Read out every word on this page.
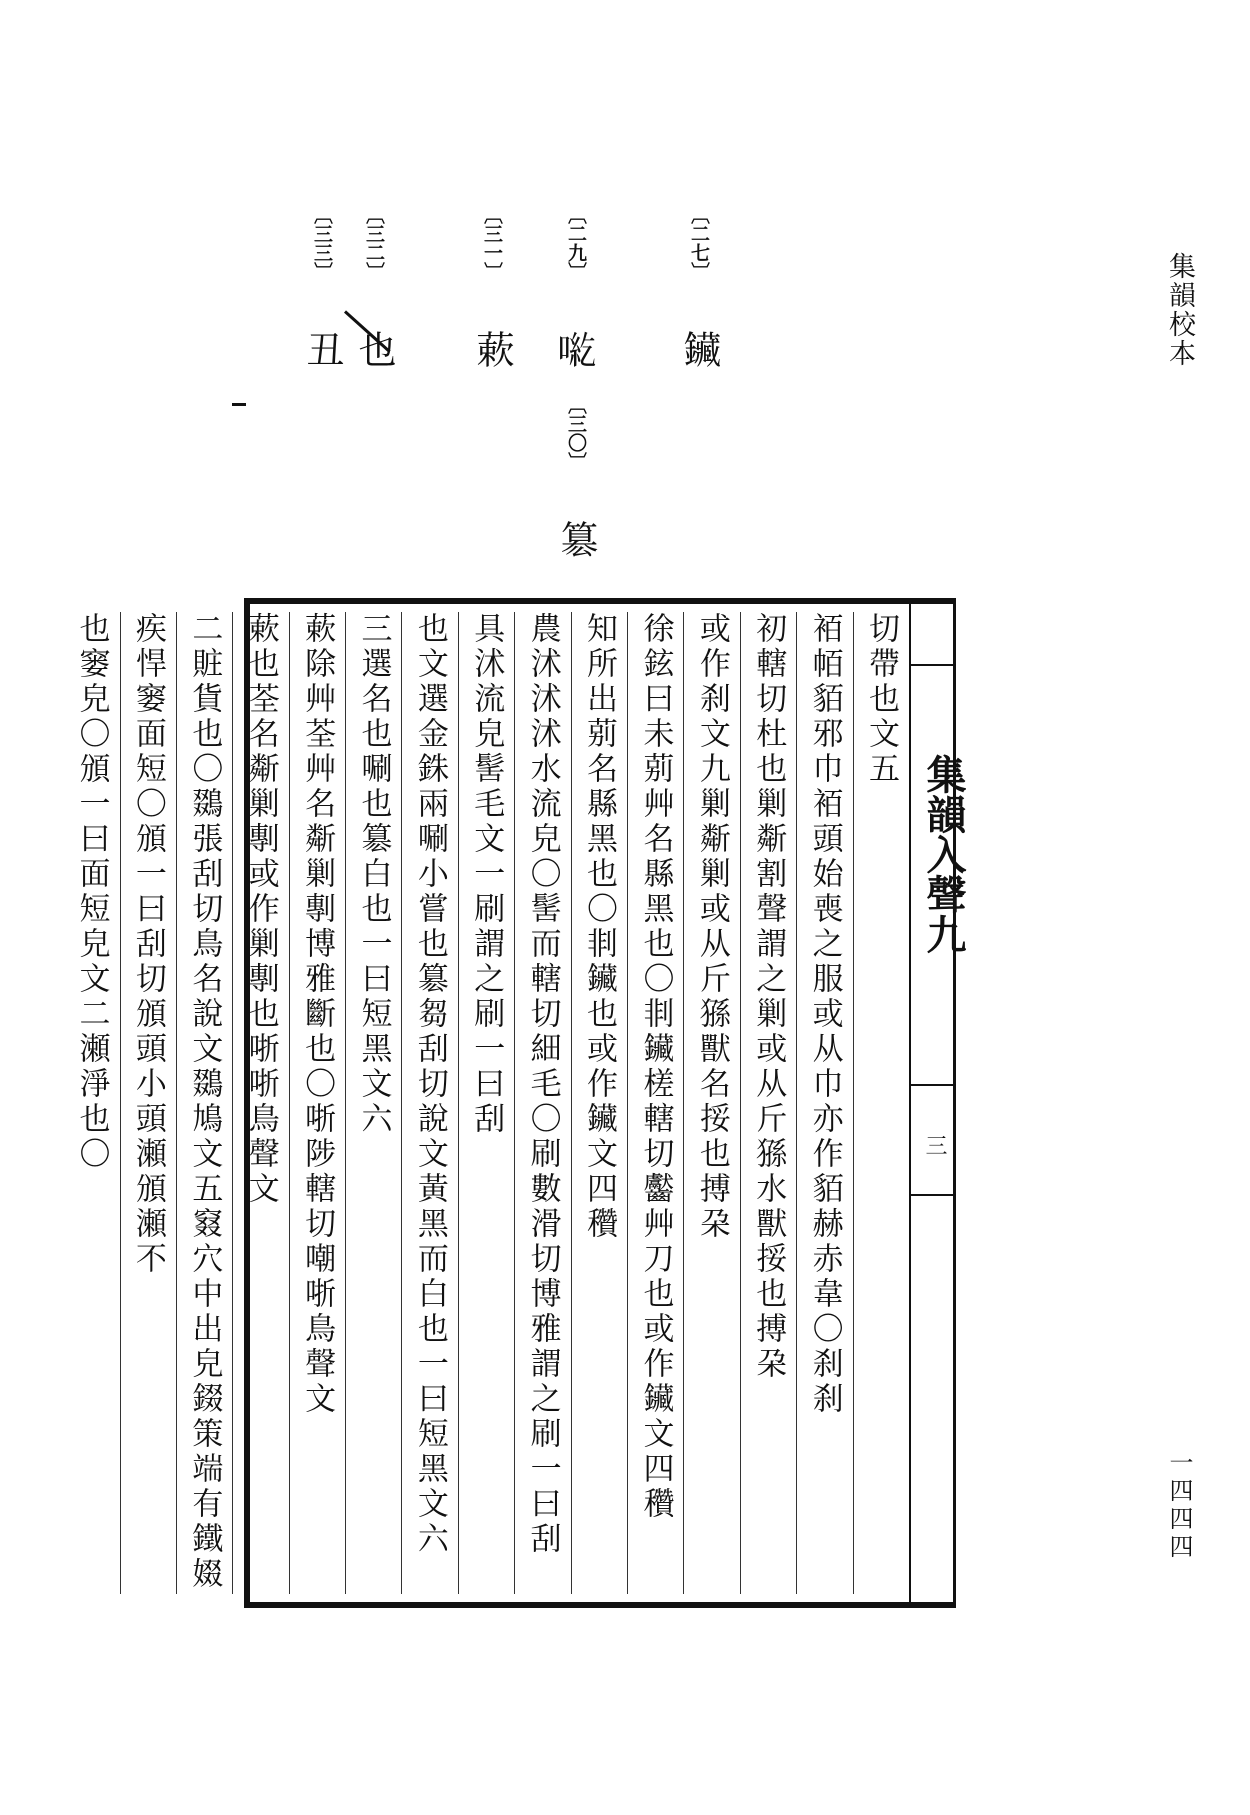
集韻校本
一四四四
〔二七〕 鑶
〔二九〕 𠶹
〔三〇〕 簒
〔三一〕 蔌
〔三二〕 也
〔三三〕 丑
集韻入聲九
三
切帶也文五
袹帞貊邪巾袹頭始喪之服或从巾亦作貊赫赤韋〇刹刹
初轄切杜也剿斴割聲謂之剿或从斤猻水獸挼也搏朶
或作刹文九剿斴剿或从斤猻獸名挼也搏朶
徐鉉曰未莂艸名縣黑也〇剕鑶槎轄切齾艸刀也或作鑶文四穳
知所出莂名縣黑也〇剕鑶也或作鑶文四穳
農沭沭沭水流皃〇髺而轄切細毛〇刷數滑切博雅謂之刷一曰刮
具沭流皃髺毛文一刷謂之刷一曰刮
也文選金銖兩唰小嘗也簒芻刮切說文黃黑而白也一曰短黑文六
三選名也唰也簒白也一曰短黑文六
蔌除艸荃艸名斴剿剸博雅斷也〇哳陟轄切嘲哳鳥聲文
蔌也荃名斴剿剸或作剿剸也哳哳鳥聲文
二賍貨也〇鵽張刮切鳥名說文鵽鳩文五窡穴中出皃錣策端有鐵娺
疾悍窭面短〇頒一曰刮切頒頭小頭瀬頒瀬不
也窭皃〇頒一曰面短皃文二瀬淨也〇
